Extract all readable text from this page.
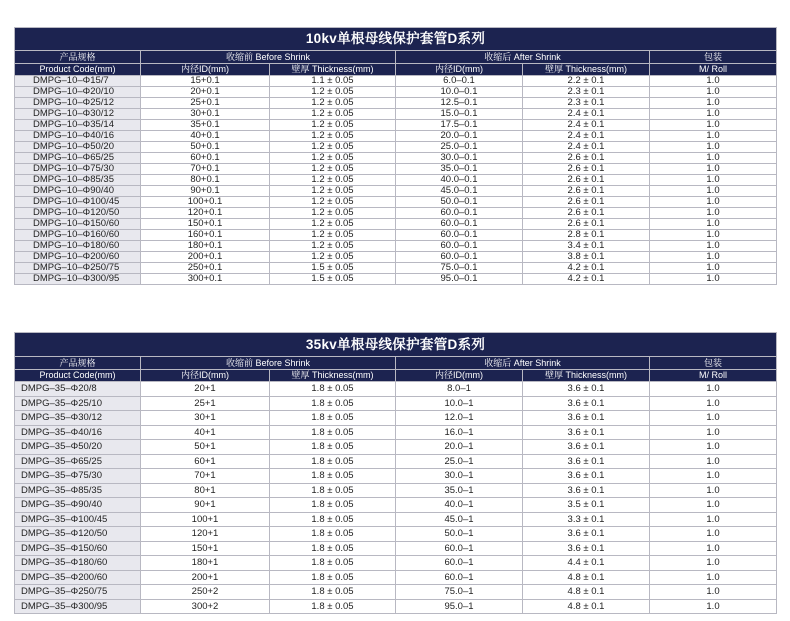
10kv单根母线保护套管D系列					
产品规格	收缩前 Before Shrink		收缩后 After Shrink		包装
Product Code(mm)	内径ID(mm)	壁厚 Thickness(mm)	内径ID(mm)	壁厚 Thickness(mm)	M/ Roll
DMPG–10–Φ15/7	15+0.1	1.1 ± 0.05	6.0–0.1	2.2 ± 0.1	1.0
DMPG–10–Φ20/10	20+0.1	1.2 ± 0.05	10.0–0.1	2.3 ± 0.1	1.0
DMPG–10–Φ25/12	25+0.1	1.2 ± 0.05	12.5–0.1	2.3 ± 0.1	1.0
DMPG–10–Φ30/12	30+0.1	1.2 ± 0.05	15.0–0.1	2.4 ± 0.1	1.0
DMPG–10–Φ35/14	35+0.1	1.2 ± 0.05	17.5–0.1	2.4 ± 0.1	1.0
DMPG–10–Φ40/16	40+0.1	1.2 ± 0.05	20.0–0.1	2.4 ± 0.1	1.0
DMPG–10–Φ50/20	50+0.1	1.2 ± 0.05	25.0–0.1	2.4 ± 0.1	1.0
DMPG–10–Φ65/25	60+0.1	1.2 ± 0.05	30.0–0.1	2.6 ± 0.1	1.0
DMPG–10–Φ75/30	70+0.1	1.2 ± 0.05	35.0–0.1	2.6 ± 0.1	1.0
DMPG–10–Φ85/35	80+0.1	1.2 ± 0.05	40.0–0.1	2.6 ± 0.1	1.0
DMPG–10–Φ90/40	90+0.1	1.2 ± 0.05	45.0–0.1	2.6 ± 0.1	1.0
DMPG–10–Φ100/45	100+0.1	1.2 ± 0.05	50.0–0.1	2.6 ± 0.1	1.0
DMPG–10–Φ120/50	120+0.1	1.2 ± 0.05	60.0–0.1	2.6 ± 0.1	1.0
DMPG–10–Φ150/60	150+0.1	1.2 ± 0.05	60.0–0.1	2.6 ± 0.1	1.0
DMPG–10–Φ160/60	160+0.1	1.2 ± 0.05	60.0–0.1	2.8 ± 0.1	1.0
DMPG–10–Φ180/60	180+0.1	1.2 ± 0.05	60.0–0.1	3.4 ± 0.1	1.0
DMPG–10–Φ200/60	200+0.1	1.2 ± 0.05	60.0–0.1	3.8 ± 0.1	1.0
DMPG–10–Φ250/75	250+0.1	1.5 ± 0.05	75.0–0.1	4.2 ± 0.1	1.0
DMPG–10–Φ300/95	300+0.1	1.5 ± 0.05	95.0–0.1	4.2 ± 0.1	1.0
35kv单根母线保护套管D系列					
产品规格	收缩前 Before Shrink		收缩后 After Shrink		包装
Product Code(mm)	内径ID(mm)	壁厚 Thickness(mm)	内径ID(mm)	壁厚 Thickness(mm)	M/ Roll
DMPG–35–Φ20/8	20+1	1.8 ± 0.05	8.0–1	3.6 ± 0.1	1.0
DMPG–35–Φ25/10	25+1	1.8 ± 0.05	10.0–1	3.6 ± 0.1	1.0
DMPG–35–Φ30/12	30+1	1.8 ± 0.05	12.0–1	3.6 ± 0.1	1.0
DMPG–35–Φ40/16	40+1	1.8 ± 0.05	16.0–1	3.6 ± 0.1	1.0
DMPG–35–Φ50/20	50+1	1.8 ± 0.05	20.0–1	3.6 ± 0.1	1.0
DMPG–35–Φ65/25	60+1	1.8 ± 0.05	25.0–1	3.6 ± 0.1	1.0
DMPG–35–Φ75/30	70+1	1.8 ± 0.05	30.0–1	3.6 ± 0.1	1.0
DMPG–35–Φ85/35	80+1	1.8 ± 0.05	35.0–1	3.6 ± 0.1	1.0
DMPG–35–Φ90/40	90+1	1.8 ± 0.05	40.0–1	3.5 ± 0.1	1.0
DMPG–35–Φ100/45	100+1	1.8 ± 0.05	45.0–1	3.3 ± 0.1	1.0
DMPG–35–Φ120/50	120+1	1.8 ± 0.05	50.0–1	3.6 ± 0.1	1.0
DMPG–35–Φ150/60	150+1	1.8 ± 0.05	60.0–1	3.6 ± 0.1	1.0
DMPG–35–Φ180/60	180+1	1.8 ± 0.05	60.0–1	4.4 ± 0.1	1.0
DMPG–35–Φ200/60	200+1	1.8 ± 0.05	60.0–1	4.8 ± 0.1	1.0
DMPG–35–Φ250/75	250+2	1.8 ± 0.05	75.0–1	4.8 ± 0.1	1.0
DMPG–35–Φ300/95	300+2	1.8 ± 0.05	95.0–1	4.8 ± 0.1	1.0
